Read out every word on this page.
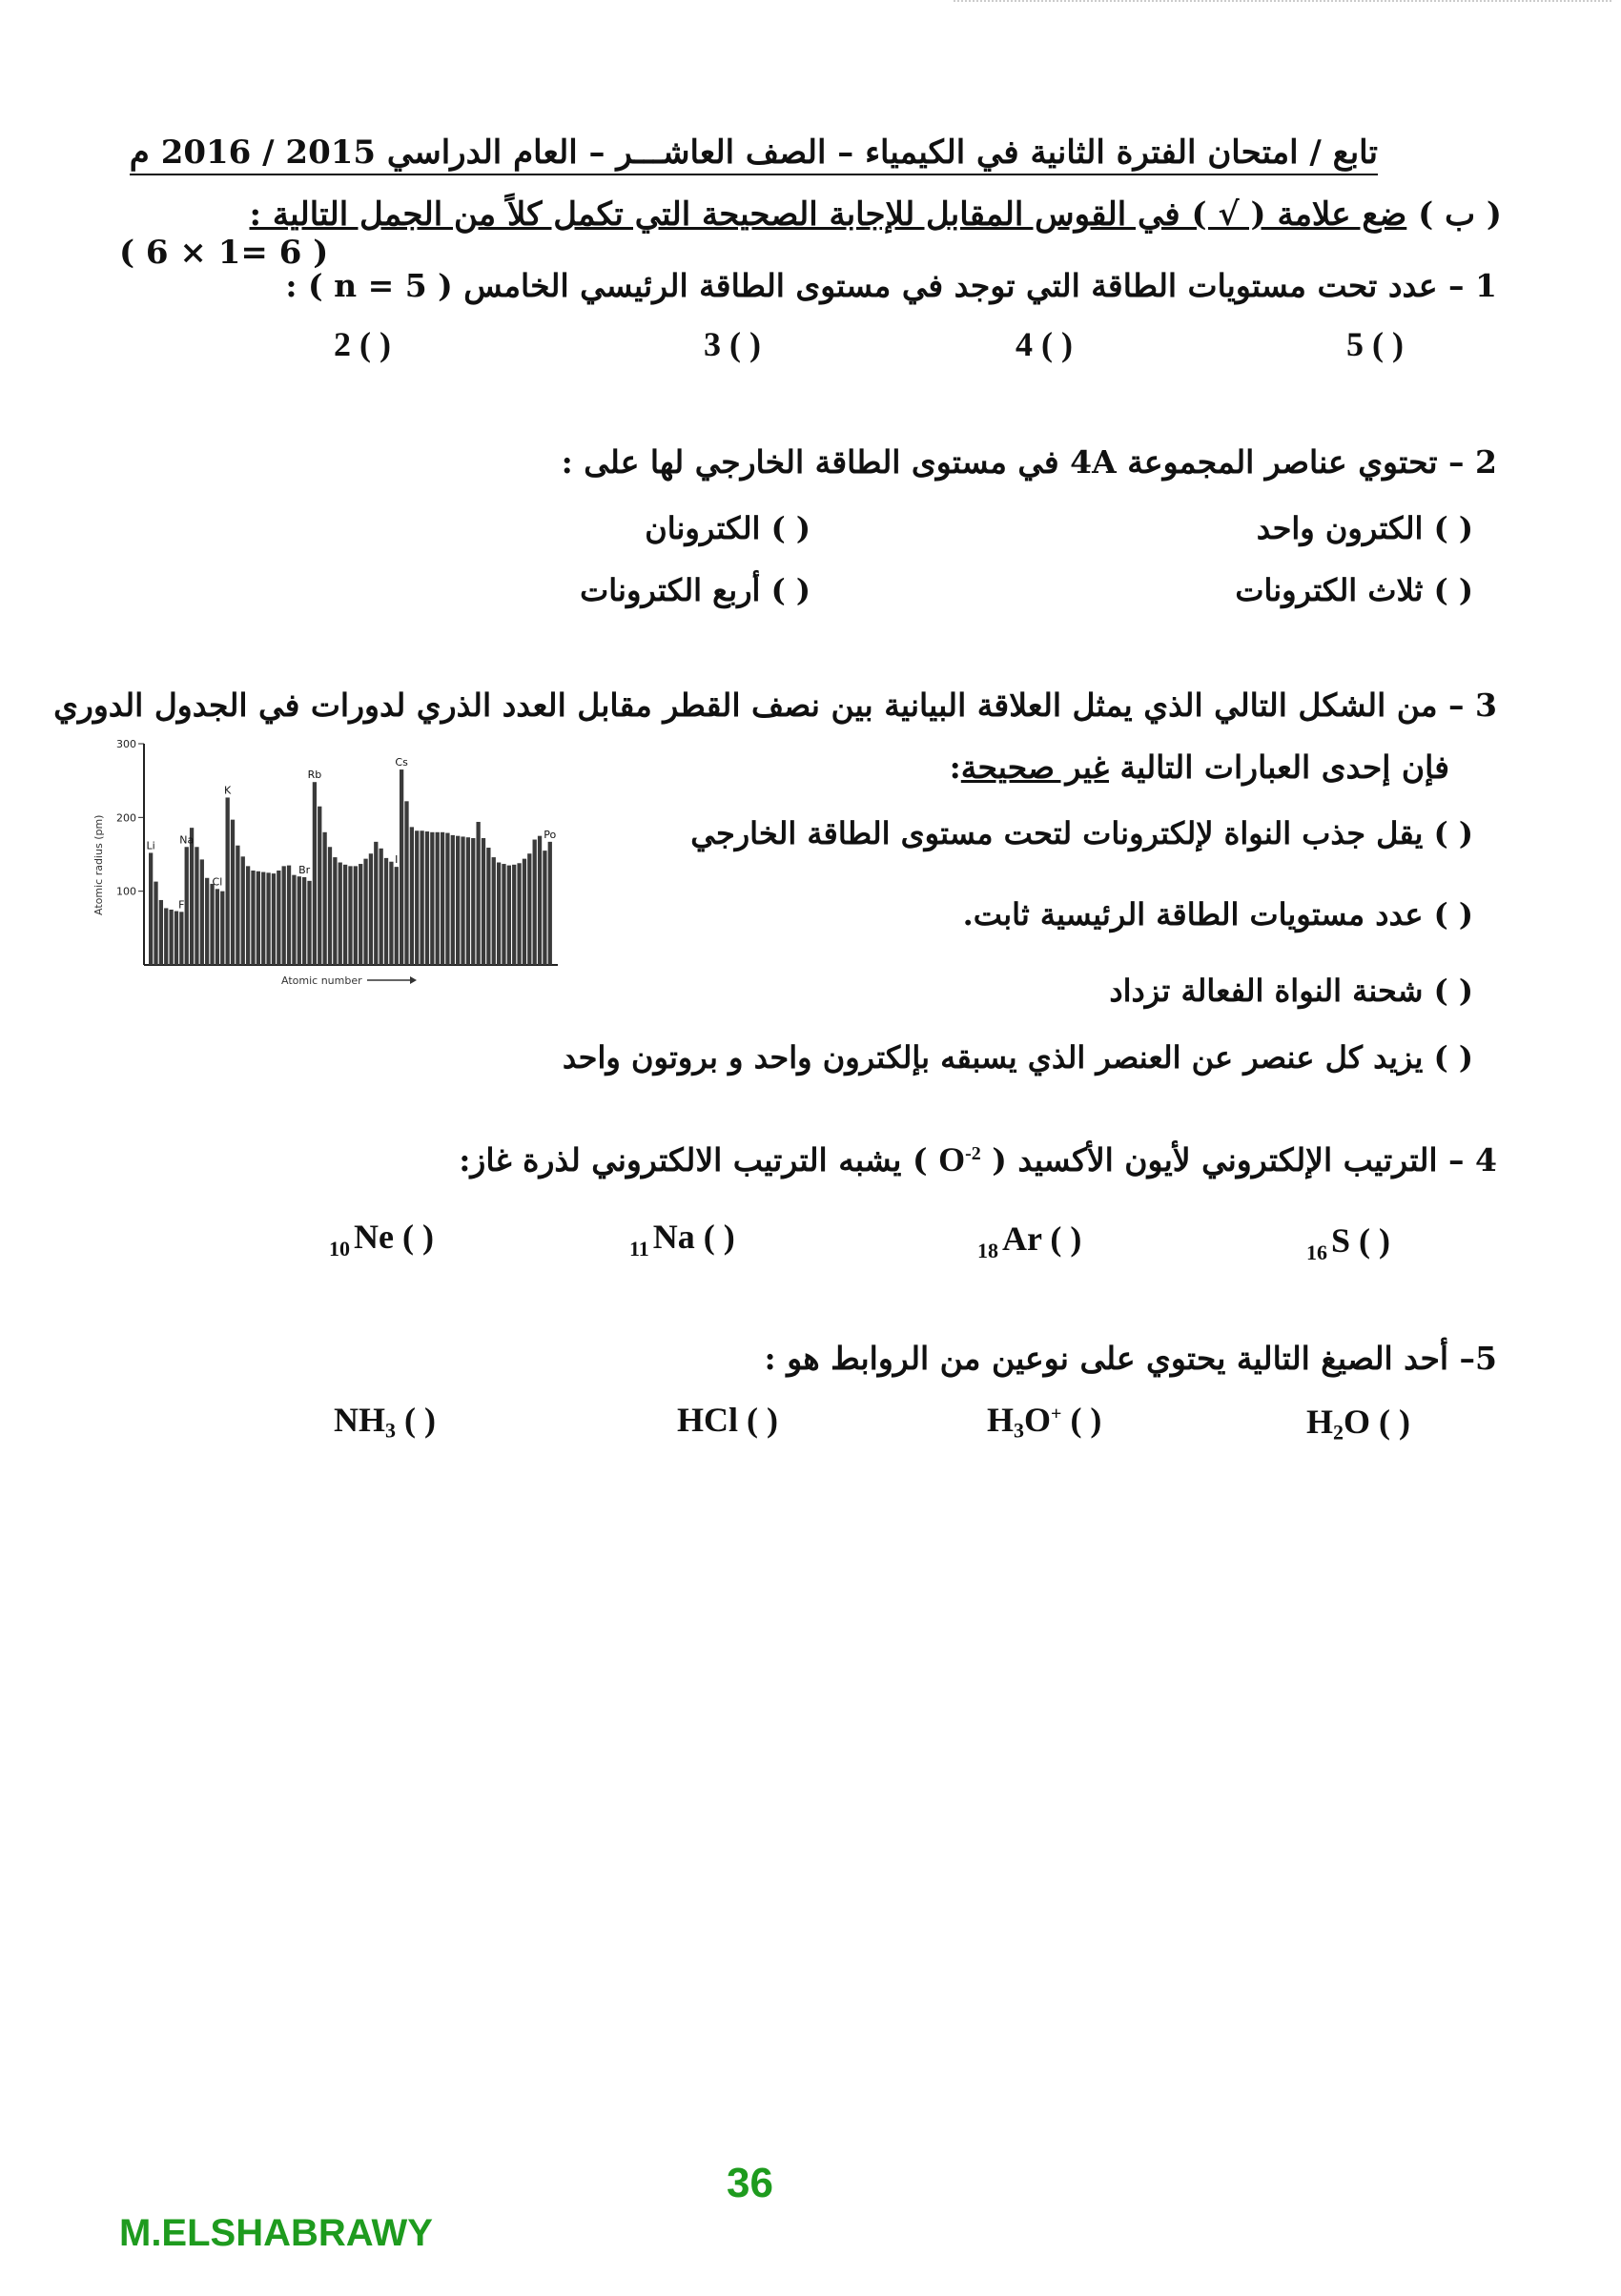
تابع / امتحان الفترة الثانية في الكيمياء – الصف العاشـــر – العام الدراسي 2015 / 2016 م
( ب ) ضع علامة ( √ ) في القوس المقابل للإجابة الصحيحة التي تكمل كلاً من الجمل التالية :
( 6 × 1= 6 )
1 – عدد تحت مستويات الطاقة التي توجد في مستوى الطاقة الرئيسي الخامس ( n = 5 ) :
5 ( )
4 ( )
3 ( )
2 ( )
2 – تحتوي عناصر المجموعة 4A في مستوى الطاقة الخارجي لها على :
( ) الكترون واحد
( ) الكترونان
( ) ثلاث الكترونات
( ) أربع الكترونات
3 – من الشكل التالي الذي يمثل العلاقة البيانية بين نصف القطر مقابل العدد الذري لدورات في الجدول الدوري
فإن إحدى العبارات التالية غير صحيحة:
( ) يقل جذب النواة لإلكترونات لتحت مستوى الطاقة الخارجي
( ) عدد مستويات الطاقة الرئيسية ثابت.
( ) شحنة النواة الفعالة تزداد
( ) يزيد كل عنصر عن العنصر الذي يسبقه بإلكترون واحد و بروتون واحد
300
200
100
Li
F
Na
Cl
K
Br
Rb
I
Cs
Po
Atomic radius (pm)
Atomic number
4 – الترتيب الإلكتروني لأيون الأكسيد ( $O^{-2}$ ) يشبه الترتيب الالكتروني لذرة غاز:
$_{16}$ S ( )
$_{18}$ Ar ( )
$_{11}$ Na ( )
$_{10}$ Ne ( )
5– أحد الصيغ التالية يحتوي على نوعين من الروابط هو :
$H_2O$ ( )
$H_3O^+$ ( )
HCl ( )
$NH_3$ ( )
36
M.ELSHABRAWY
